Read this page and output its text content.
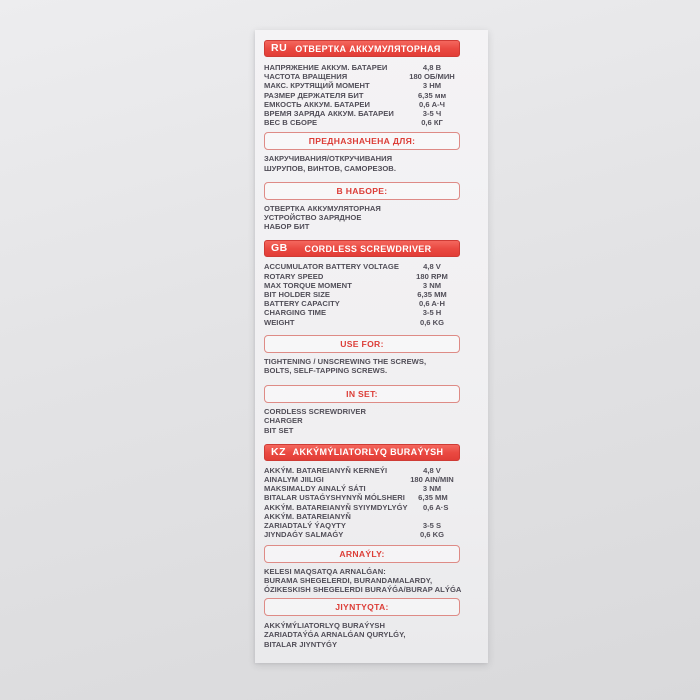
RU ОТВЕРТКА АККУМУЛЯТОРНАЯ
НАПРЯЖЕНИЕ АККУМ. БАТАРЕИ	4,8 В
ЧАСТОТА ВРАЩЕНИЯ	180 ОБ/МИН
МАКС. КРУТЯЩИЙ МОМЕНТ	3 НМ
РАЗМЕР ДЕРЖАТЕЛЯ БИТ	6,35 мм
ЕМКОСТЬ АККУМ. БАТАРЕИ	0,6 А-Ч
ВРЕМЯ ЗАРЯДА АККУМ. БАТАРЕИ	3-5 Ч
ВЕС В СБОРЕ	0,6 КГ
ПРЕДНАЗНАЧЕНА ДЛЯ:
ЗАКРУЧИВАНИЯ/ОТКРУЧИВАНИЯ
ШУРУПОВ, ВИНТОВ, САМОРЕЗОВ.
В НАБОРЕ:
ОТВЕРТКА АККУМУЛЯТОРНАЯ
УСТРОЙСТВО ЗАРЯДНОЕ
НАБОР БИТ
GB	CORDLESS SCREWDRIVER
ACCUMULATOR BATTERY VOLTAGE	4,8 V
ROTARY SPEED	180 RPM
MAX TORQUE MOMENT	3 NM
BIT HOLDER SIZE	6,35 MM
BATTERY CAPACITY	0,6 A·H
CHARGING TIME	3-5 H
WEIGHT	0,6 KG
USE FOR:
TIGHTENING / UNSCREWING THE SCREWS,
BOLTS, SELF-TAPPING SCREWS.
IN SET:
CORDLESS SCREWDRIVER
CHARGER
BIT SET
KZ AKKÝMÝLIATORLYQ BURAÝYSH
AKKÝM. BATAREIANYŇ KERNEÝI	4,8 V
AINALYM JIILIGI	180 AIN/MIN
MAKSIMALDY AINALÝ SÁTI	3 NM
BITALAR USTAǴYSHYNYŇ MÓLSHERI	6,35 MM
AKKÝM. BATAREIANYŇ SYIYMDYLYǴY	0,6 A·S
AKKÝM. BATAREIANYŇ
ZARIADTALÝ ÝAQYTY	3-5 S
JIYNDAǴY SALMAǴY	0,6 KG
ARNAÝLY:
KELESI MAQSATQA ARNALǴAN:
BURAMA SHEGELERDI, BURANDAMALARDY,
ÓZIKESKISH SHEGELERDI BURAÝǴA/BURAP ALÝǴA
JIYNTYQTA:
AKKÝMÝLIATORLYQ BURAÝYSH
ZARIADTAÝǴA ARNALǴAN QURYLǴY,
BITALAR JIYNTYǴY
